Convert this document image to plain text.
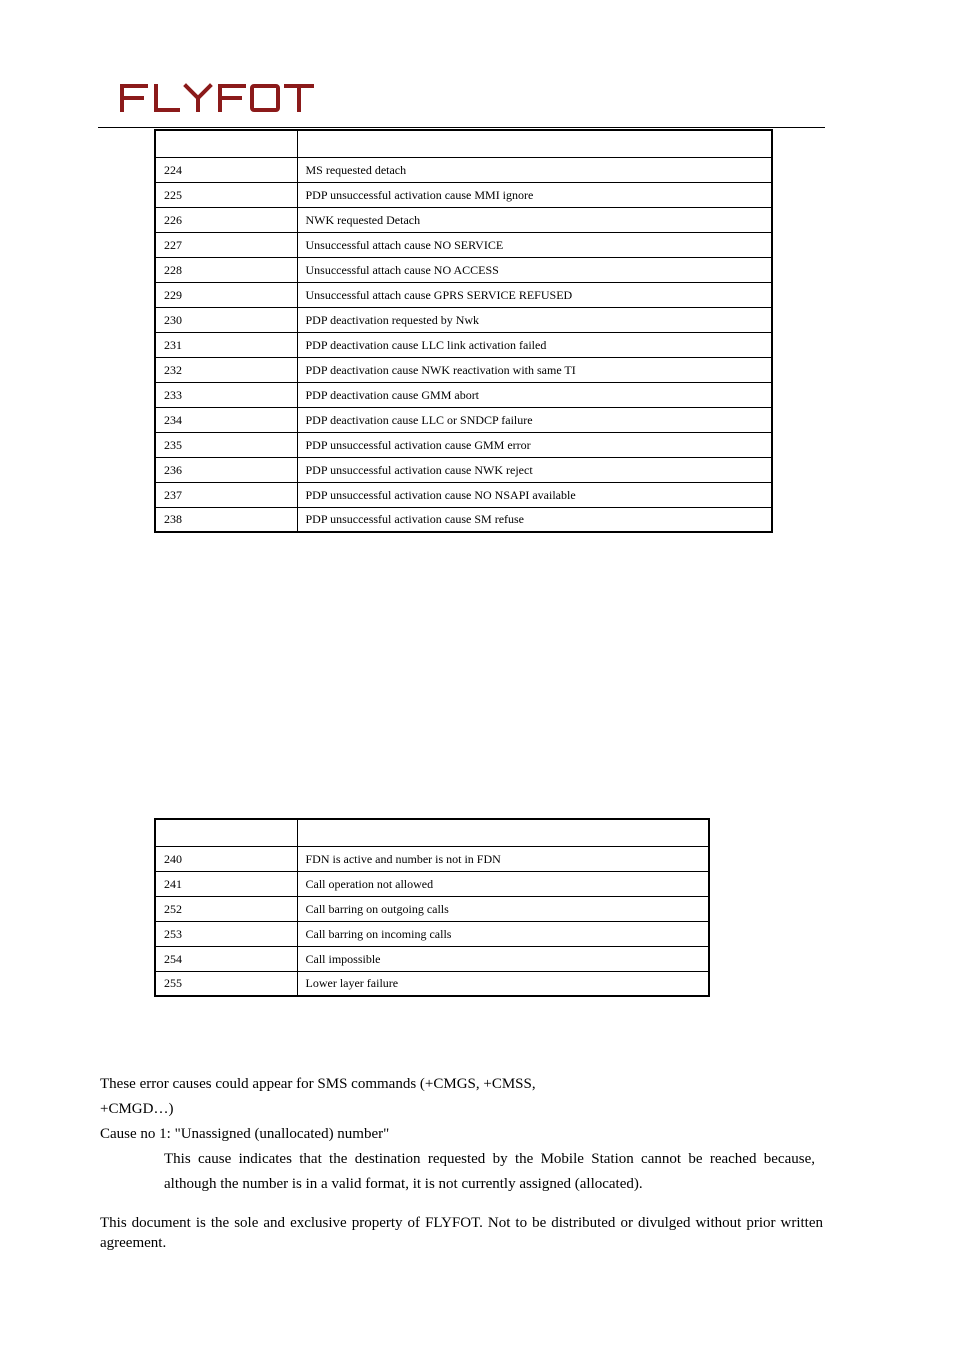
224	MS requested detach
225	PDP unsuccessful activation cause MMI ignore
226	NWK requested Detach
227	Unsuccessful attach cause NO SERVICE
228	Unsuccessful attach cause NO ACCESS
229	Unsuccessful attach cause GPRS SERVICE REFUSED
230	PDP deactivation requested by Nwk
231	PDP deactivation cause LLC link activation failed
232	PDP deactivation cause NWK reactivation with same TI
233	PDP deactivation cause GMM abort
234	PDP deactivation cause LLC or SNDCP failure
235	PDP unsuccessful activation cause GMM error
236	PDP unsuccessful activation cause NWK reject
237	PDP unsuccessful activation cause NO NSAPI available
238	PDP unsuccessful activation cause SM refuse

240	FDN is active and number is not in FDN
241	Call operation not allowed
252	Call barring on outgoing calls
253	Call barring on incoming calls
254	Call impossible
255	Lower layer failure
These error causes could appear for SMS commands (+CMGS, +CMSS,
+CMGD…)
Cause no 1: "Unassigned (unallocated) number"
This cause indicates that the destination requested by the Mobile Station cannot be reached because, although the number is in a valid format, it is not currently assigned (allocated).
This document is the sole and exclusive property of FLYFOT. Not to be distributed or divulged without prior written agreement.
